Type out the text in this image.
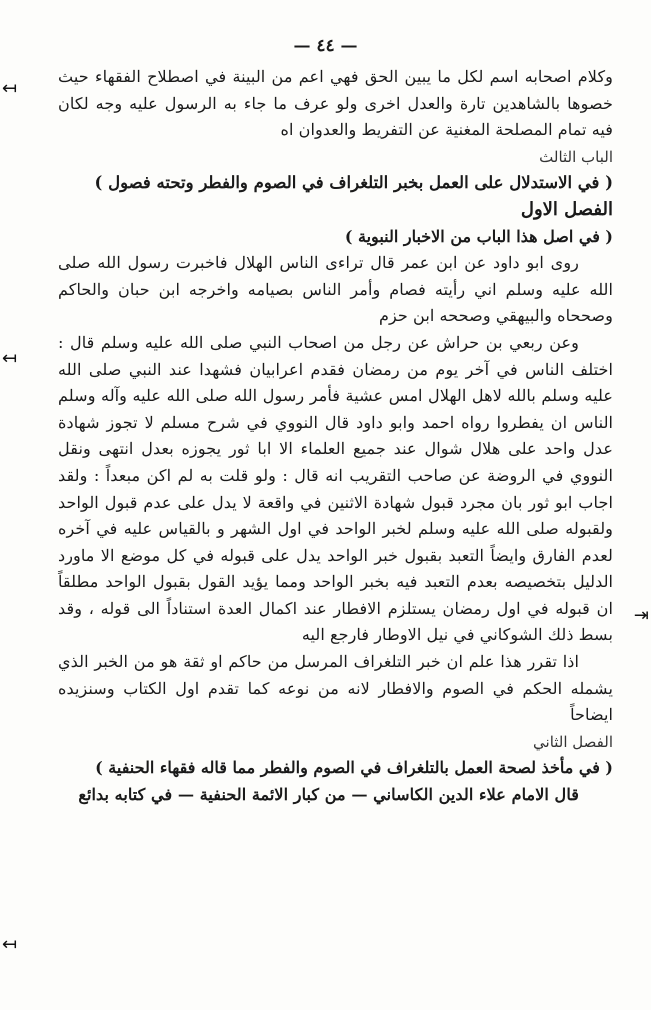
↤
↤
⇥
↤
— ٤٤ —

وكلام اصحابه اسم لكل ما يبين الحق فهي اعم من البينة في اصطلاح الفقهاء حيث خصوها بالشاهدين تارة والعدل اخرى ولو عرف ما جاء به الرسول عليه وجه لكان فيه تمام المصلحة المغنية عن التفريط والعدوان اه

الباب الثالث

( في الاستدلال على العمل بخبر التلغراف في الصوم والفطر وتحته فصول )

الفصل الاول

( في اصل هذا الباب من الاخبار النبوية )

روى ابو داود عن ابن عمر قال تراءى الناس الهلال فاخبرت رسول الله صلى الله عليه وسلم اني رأيته فصام وأمر الناس بصيامه واخرجه ابن حبان والحاكم وصححاه والبيهقي وصححه ابن حزم

وعن ربعي بن حراش عن رجل من اصحاب النبي صلى الله عليه وسلم قال : اختلف الناس في آخر يوم من رمضان فقدم اعرابيان فشهدا عند النبي صلى الله عليه وسلم بالله لاهل الهلال امس عشية فأمر رسول الله صلى الله عليه وآله وسلم الناس ان يفطروا رواه احمد وابو داود قال النووي في شرح مسلم لا تجوز شهادة عدل واحد على هلال شوال عند جميع العلماء الا ابا ثور يجوزه بعدل انتهى ونقل النووي في الروضة عن صاحب التقريب انه قال : ولو قلت به لم اكن مبعداً : ولقد اجاب ابو ثور بان مجرد قبول شهادة الاثنين في واقعة لا يدل على عدم قبول الواحد ولقبوله صلى الله عليه وسلم لخبر الواحد في اول الشهر و بالقياس عليه في آخره لعدم الفارق وايضاً التعبد بقبول خبر الواحد يدل على قبوله في كل موضع الا ماورد الدليل بتخصيصه بعدم التعبد فيه بخبر الواحد ومما يؤيد القول بقبول الواحد مطلقاً ان قبوله في اول رمضان يستلزم الافطار عند اكمال العدة استناداً الى قوله ، وقد بسط ذلك الشوكاني في نيل الاوطار فارجع اليه

اذا تقرر هذا علم ان خبر التلغراف المرسل من حاكم او ثقة هو من الخبر الذي يشمله الحكم في الصوم والافطار لانه من نوعه كما تقدم اول الكتاب وسنزيده ايضاحاً

الفصل الثاني

( في مأخذ لصحة العمل بالتلغراف في الصوم والفطر مما قاله فقهاء الحنفية )

قال الامام علاء الدين الكاساني — من كبار الائمة الحنفية — في كتابه بدائع
